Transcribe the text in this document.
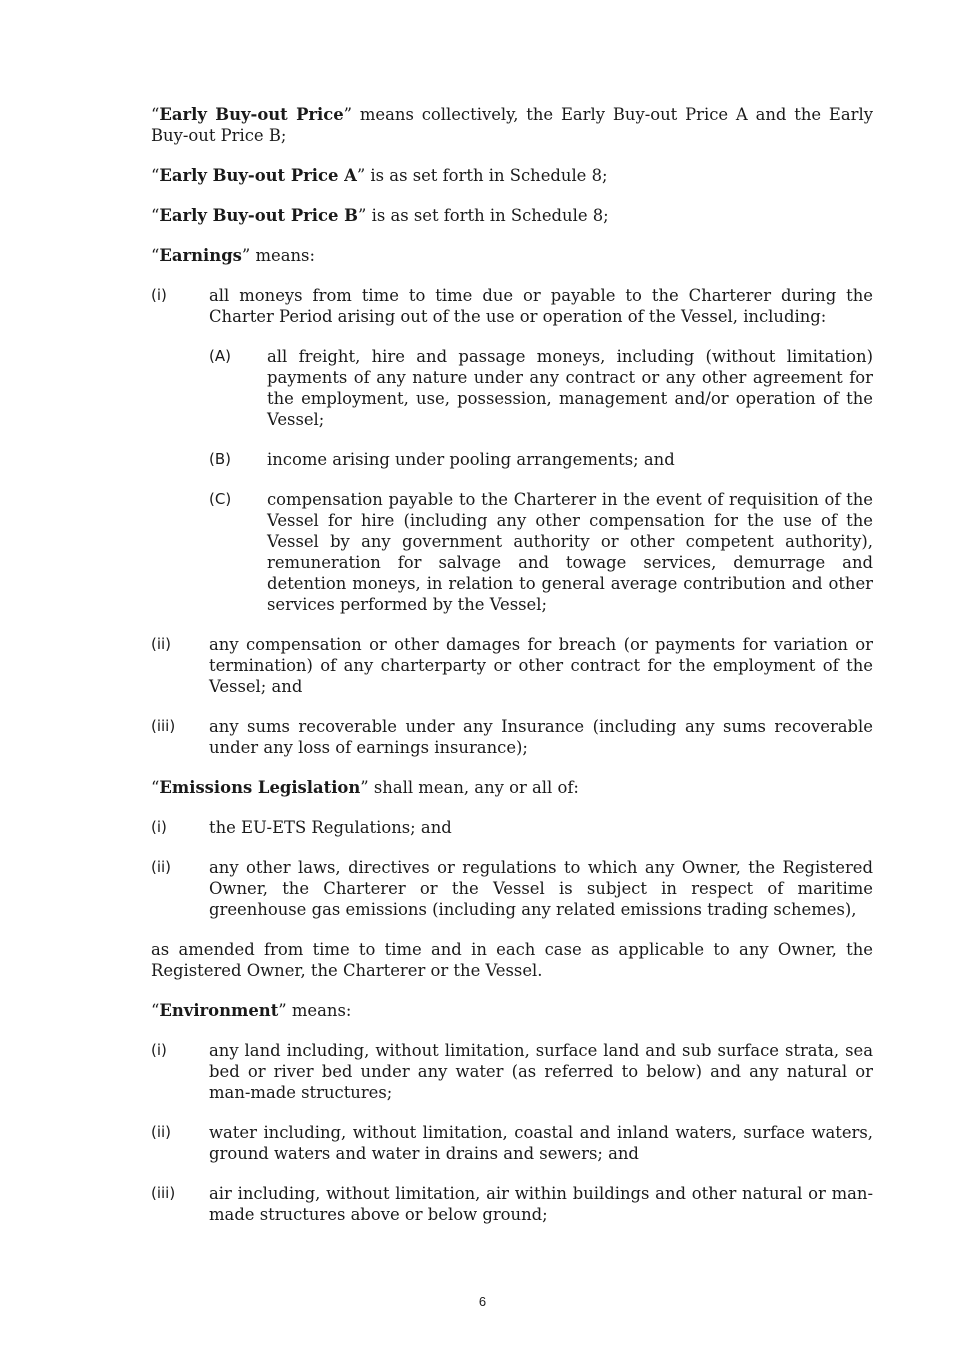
“Early Buy-out Price” means collectively, the Early Buy-out Price A and the Early Buy-out Price B;

“Early Buy-out Price A” is as set forth in Schedule 8;

“Early Buy-out Price B” is as set forth in Schedule 8;

“Earnings” means:

(i)	all moneys from time to time due or payable to the Charterer during the Charter Period arising out of the use or operation of the Vessel, including:
(A)	all freight, hire and passage moneys, including (without limitation) payments of any nature under any contract or any other agreement for the employment, use, possession, management and/or operation of the Vessel;
(B)	income arising under pooling arrangements; and
(C)	compensation payable to the Charterer in the event of requisition of the Vessel for hire (including any other compensation for the use of the Vessel by any government authority or other competent authority), remuneration for salvage and towage services, demurrage and detention moneys, in relation to general average contribution and other services performed by the Vessel;
(ii)	any compensation or other damages for breach (or payments for variation or termination) of any charterparty or other contract for the employment of the Vessel; and
(iii)	any sums recoverable under any Insurance (including any sums recoverable under any loss of earnings insurance);

“Emissions Legislation” shall mean, any or all of:

(i)	the EU-ETS Regulations; and
(ii)	any other laws, directives or regulations to which any Owner, the Registered Owner, the Charterer or the Vessel is subject in respect of maritime greenhouse gas emissions (including any related emissions trading schemes),

as amended from time to time and in each case as applicable to any Owner, the Registered Owner, the Charterer or the Vessel.

“Environment” means:

(i)	any land including, without limitation, surface land and sub surface strata, sea bed or river bed under any water (as referred to below) and any natural or man-made structures;
(ii)	water including, without limitation, coastal and inland waters, surface waters, ground waters and water in drains and sewers; and
(iii)	air including, without limitation, air within buildings and other natural or man-made structures above or below ground;
6
